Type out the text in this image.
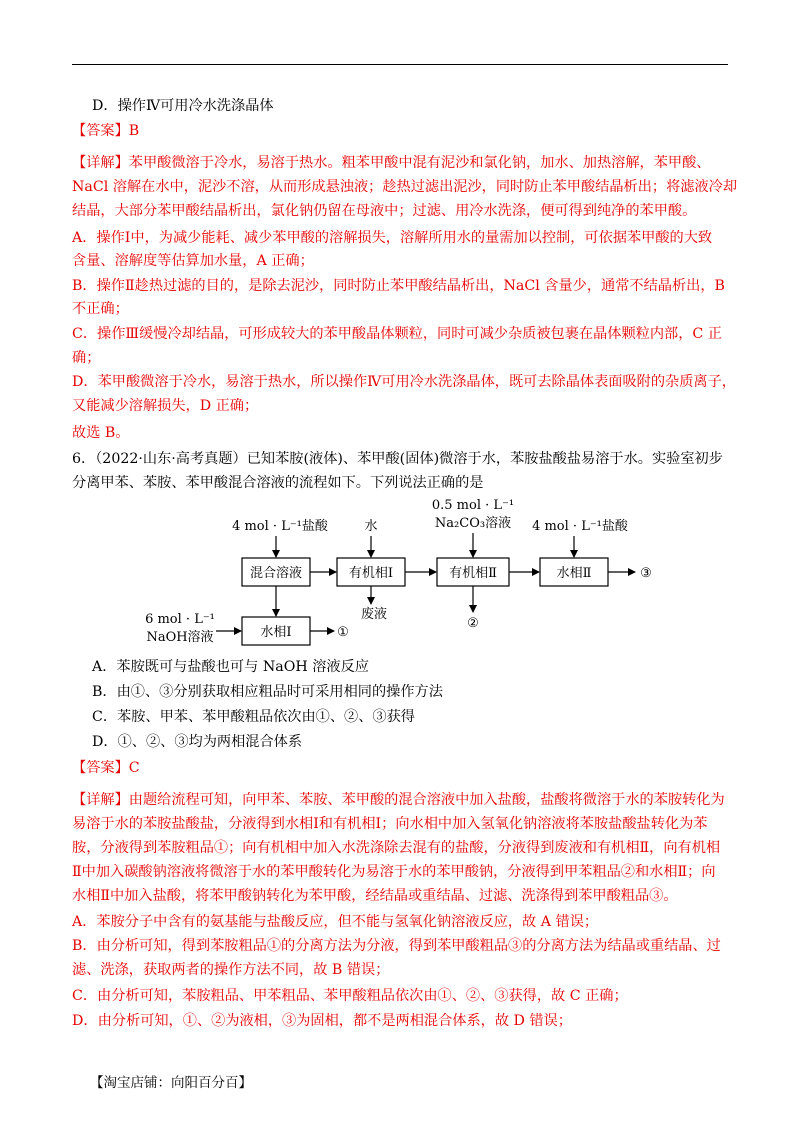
D．操作Ⅳ可用冷水洗涤晶体
【答案】B
【详解】苯甲酸微溶于冷水，易溶于热水。粗苯甲酸中混有泥沙和氯化钠，加水、加热溶解，苯甲酸、
NaCl 溶解在水中，泥沙不溶，从而形成悬浊液；趁热过滤出泥沙，同时防止苯甲酸结晶析出；将滤液冷却
结晶，大部分苯甲酸结晶析出，氯化钠仍留在母液中；过滤、用冷水洗涤，便可得到纯净的苯甲酸。
A．操作Ⅰ中，为减少能耗、减少苯甲酸的溶解损失，溶解所用水的量需加以控制，可依据苯甲酸的大致
含量、溶解度等估算加水量，A 正确；
B．操作Ⅱ趁热过滤的目的，是除去泥沙，同时防止苯甲酸结晶析出，NaCl 含量少，通常不结晶析出，B
不正确；
C．操作Ⅲ缓慢冷却结晶，可形成较大的苯甲酸晶体颗粒，同时可减少杂质被包裹在晶体颗粒内部，C 正
确；
D．苯甲酸微溶于冷水，易溶于热水，所以操作Ⅳ可用冷水洗涤晶体，既可去除晶体表面吸附的杂质离子，
又能减少溶解损失，D 正确；
故选 B。
6．（2022·山东·高考真题）已知苯胺(液体)、苯甲酸(固体)微溶于水，苯胺盐酸盐易溶于水。实验室初步
分离甲苯、苯胺、苯甲酸混合溶液的流程如下。下列说法正确的是
混合溶液	有机相Ⅰ	有机相Ⅱ	水相Ⅱ
水相Ⅰ
4 mol · L⁻¹盐酸	水
0.5 mol · L⁻¹
Na₂CO₃溶液 4 mol · L⁻¹盐酸
6 mol · L⁻¹
NaOH溶液
废液
①
②
③
A．苯胺既可与盐酸也可与 NaOH 溶液反应
B．由①、③分别获取相应粗品时可采用相同的操作方法
C．苯胺、甲苯、苯甲酸粗品依次由①、②、③获得
D．①、②、③均为两相混合体系
【答案】C
【详解】由题给流程可知，向甲苯、苯胺、苯甲酸的混合溶液中加入盐酸，盐酸将微溶于水的苯胺转化为
易溶于水的苯胺盐酸盐，分液得到水相Ⅰ和有机相Ⅰ；向水相中加入氢氧化钠溶液将苯胺盐酸盐转化为苯
胺，分液得到苯胺粗品①；向有机相中加入水洗涤除去混有的盐酸，分液得到废液和有机相Ⅱ，向有机相
Ⅱ中加入碳酸钠溶液将微溶于水的苯甲酸转化为易溶于水的苯甲酸钠，分液得到甲苯粗品②和水相Ⅱ；向
水相Ⅱ中加入盐酸，将苯甲酸钠转化为苯甲酸，经结晶或重结晶、过滤、洗涤得到苯甲酸粗品③。
A．苯胺分子中含有的氨基能与盐酸反应，但不能与氢氧化钠溶液反应，故 A 错误；
B．由分析可知，得到苯胺粗品①的分离方法为分液，得到苯甲酸粗品③的分离方法为结晶或重结晶、过
滤、洗涤，获取两者的操作方法不同，故 B 错误；
C．由分析可知，苯胺粗品、甲苯粗品、苯甲酸粗品依次由①、②、③获得，故 C 正确；
D．由分析可知，①、②为液相，③为固相，都不是两相混合体系，故 D 错误；
【淘宝店铺：向阳百分百】
